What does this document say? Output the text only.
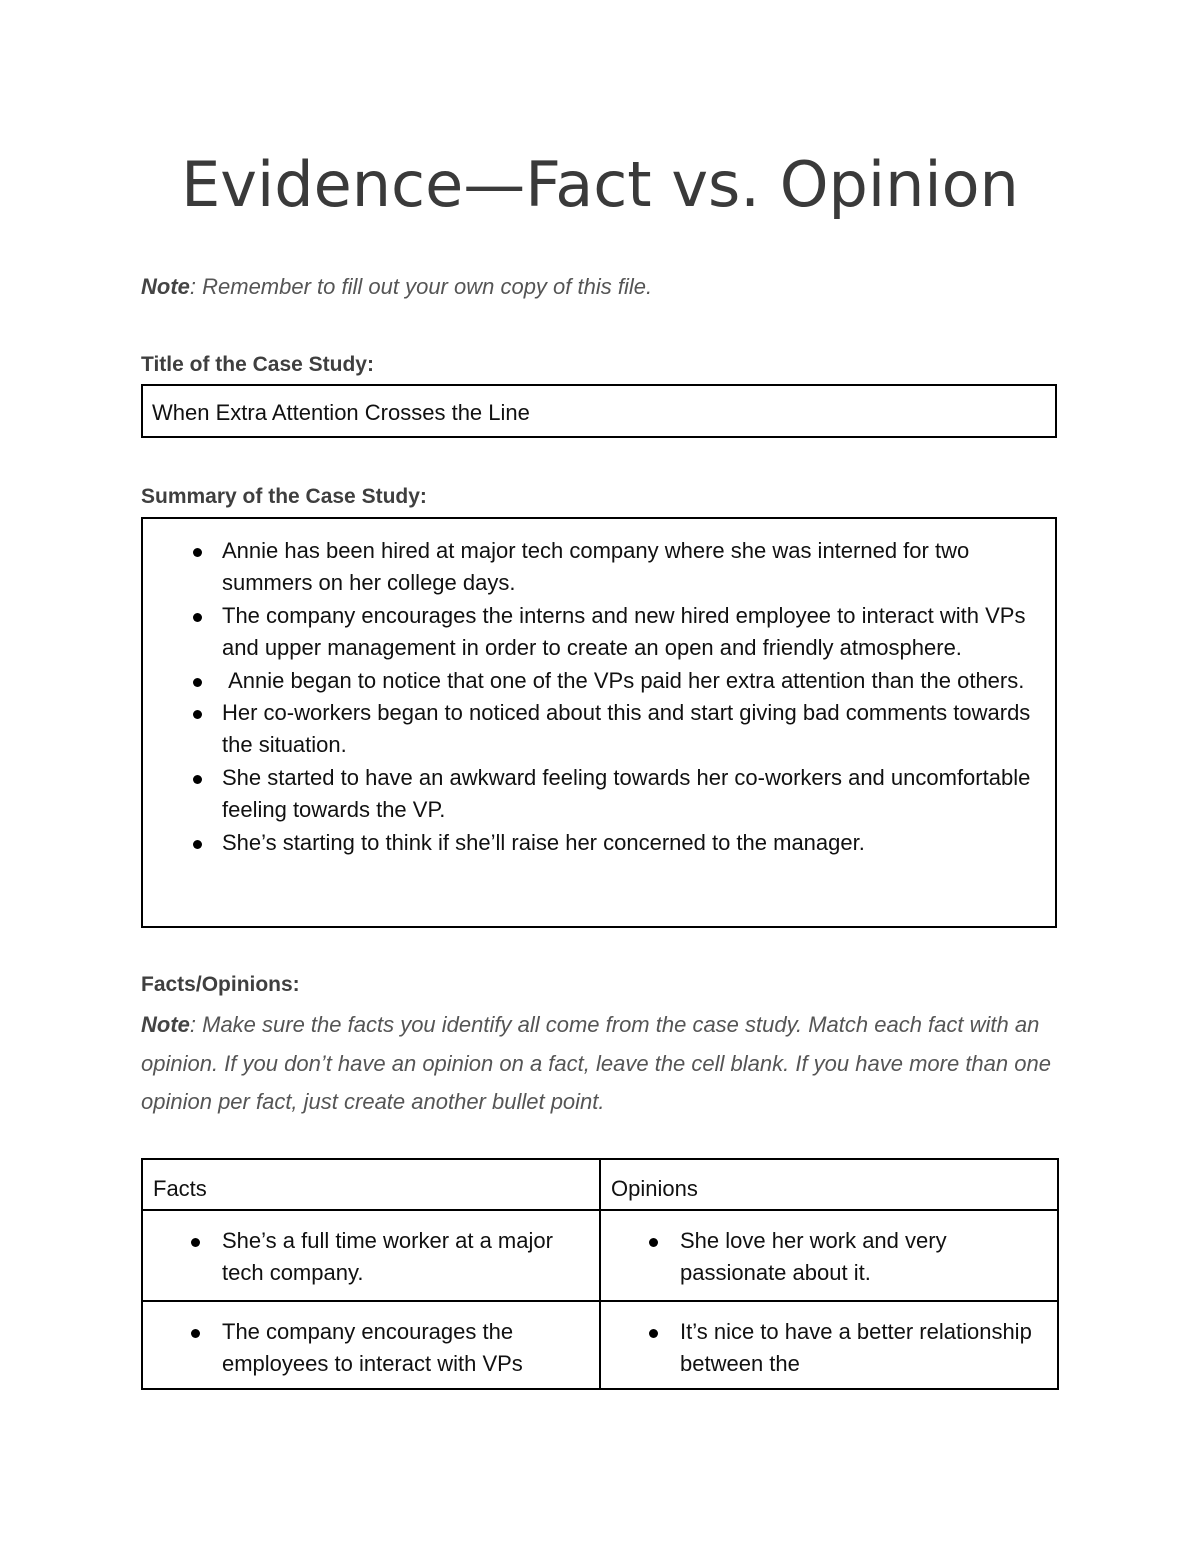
Evidence—Fact vs. Opinion
Note: Remember to fill out your own copy of this file.
Title of the Case Study:
When Extra Attention Crosses the Line
Summary of the Case Study:
Annie has been hired at major tech company where she was interned for two summers on her college days.
The company encourages the interns and new hired employee to interact with VPs and upper management in order to create an open and friendly atmosphere.
Annie began to notice that one of the VPs paid her extra attention than the others.
Her co-workers began to noticed about this and start giving bad comments towards the situation.
She started to have an awkward feeling towards her co-workers and uncomfortable feeling towards the VP.
She’s starting to think if she’ll raise her concerned to the manager.
Facts/Opinions:
Note: Make sure the facts you identify all come from the case study. Match each fact with an opinion. If you don’t have an opinion on a fact, leave the cell blank. If you have more than one opinion per fact, just create another bullet point.
Facts	Opinions

She’s a full time worker at a major tech company.	She love her work and very passionate about it.

The company encourages the employees to interact with VPs	It’s nice to have a better relationship between the
